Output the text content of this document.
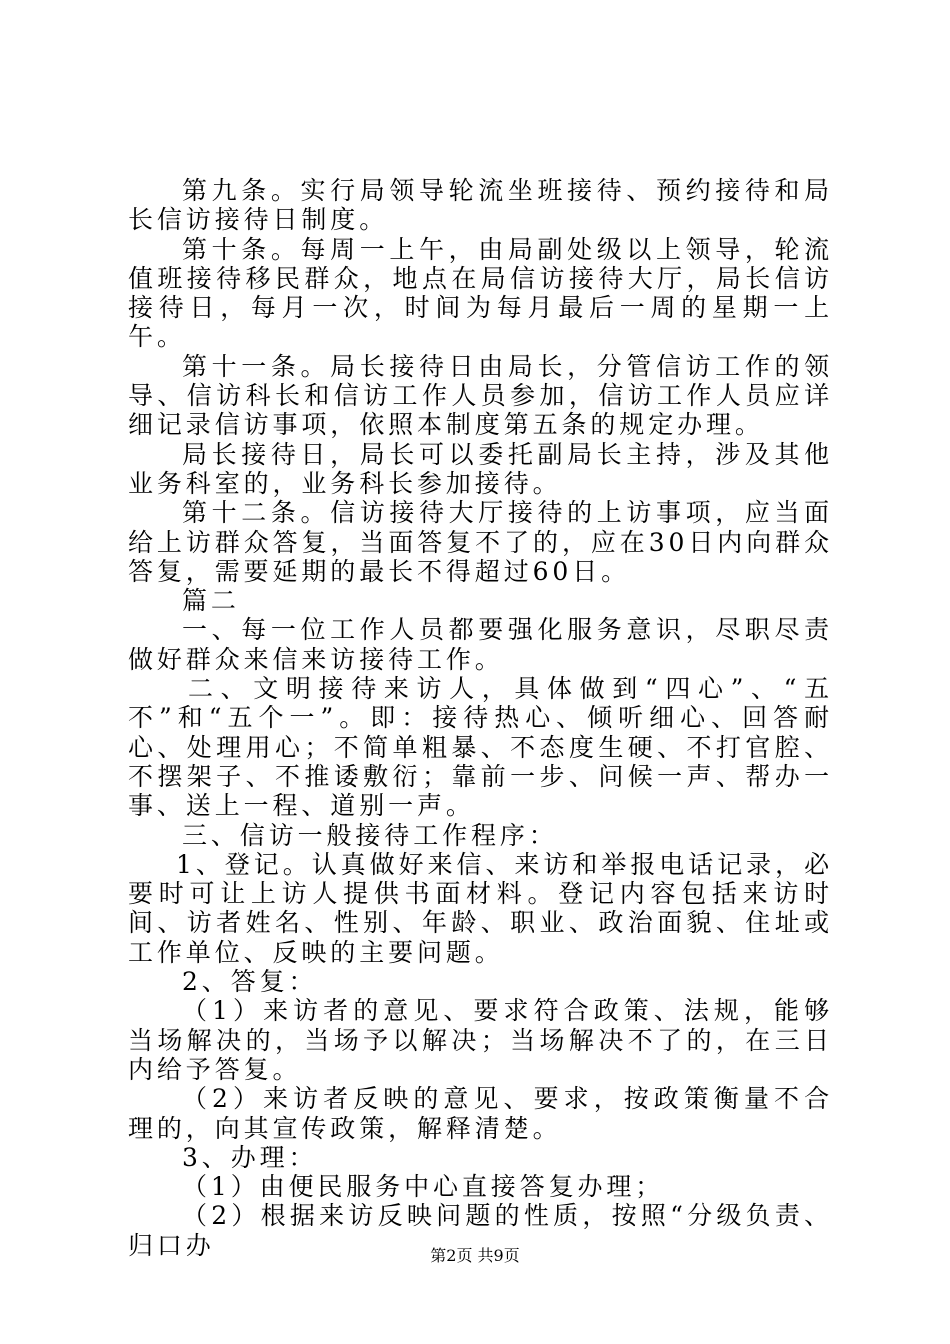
第九条。实行局领导轮流坐班接待、预约接待和局长信访接待日制度。

第十条。每周一上午，由局副处级以上领导，轮流值班接待移民群众，地点在局信访接待大厅，局长信访接待日，每月一次，时间为每月最后一周的星期一上午。

第十一条。局长接待日由局长，分管信访工作的领导、信访科长和信访工作人员参加，信访工作人员应详细记录信访事项，依照本制度第五条的规定办理。

局长接待日，局长可以委托副局长主持，涉及其他业务科室的，业务科长参加接待。

第十二条。信访接待大厅接待的上访事项，应当面给上访群众答复，当面答复不了的，应在30日内向群众答复，需要延期的最长不得超过60日。

篇二

一、每一位工作人员都要强化服务意识，尽职尽责做好群众来信来访接待工作。

二、文明接待来访人，具体做到“四心”、“五不”和“五个一”。即：接待热心、倾听细心、回答耐心、处理用心；不简单粗暴、不态度生硬、不打官腔、不摆架子、不推诿敷衍；靠前一步、问候一声、帮办一事、送上一程、道别一声。

三、信访一般接待工作程序：

1、登记。认真做好来信、来访和举报电话记录，必要时可让上访人提供书面材料。登记内容包括来访时间、访者姓名、性别、年龄、职业、政治面貌、住址或工作单位、反映的主要问题。

2、答复：

（1）来访者的意见、要求符合政策、法规，能够当场解决的，当场予以解决；当场解决不了的，在三日内给予答复。

（2）来访者反映的意见、要求，按政策衡量不合理的，向其宣传政策，解释清楚。

3、办理：

（1）由便民服务中心直接答复办理；

（2）根据来访反映问题的性质，按照“分级负责、归口办	第2页 共9页
